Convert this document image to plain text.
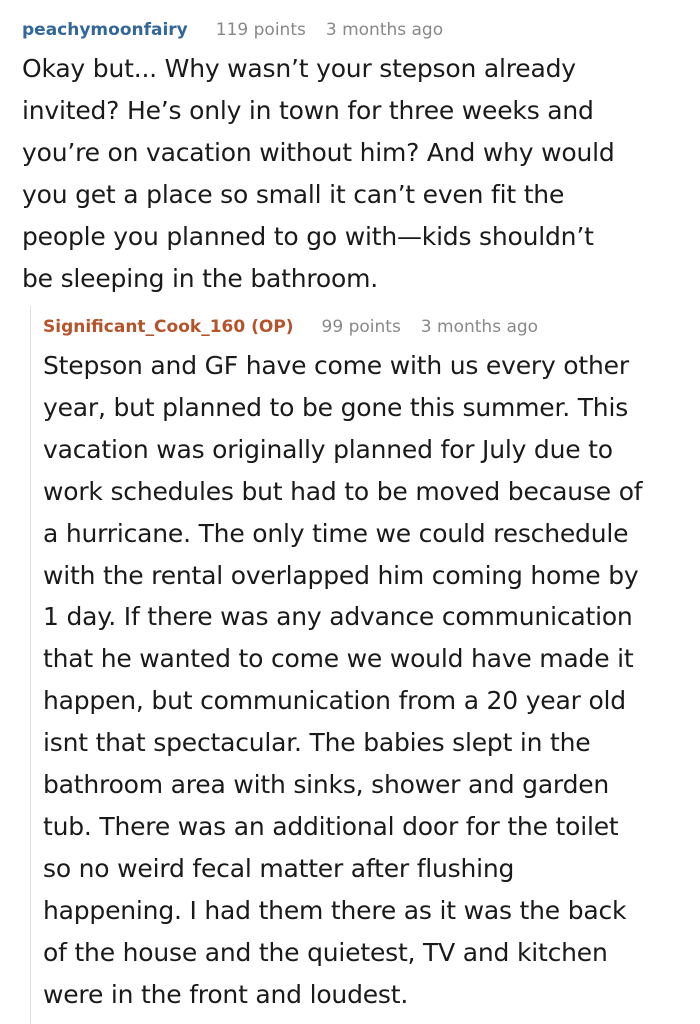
peachymoonfairy 119 points 3 months ago
Okay but... Why wasn’t your stepson already
invited? He’s only in town for three weeks and
you’re on vacation without him? And why would
you get a place so small it can’t even fit the
people you planned to go with—kids shouldn’t
be sleeping in the bathroom.
Significant_Cook_160 (OP) 99 points 3 months ago
Stepson and GF have come with us every other
year, but planned to be gone this summer. This
vacation was originally planned for July due to
work schedules but had to be moved because of
a hurricane. The only time we could reschedule
with the rental overlapped him coming home by
1 day. If there was any advance communication
that he wanted to come we would have made it
happen, but communication from a 20 year old
isnt that spectacular. The babies slept in the
bathroom area with sinks, shower and garden
tub. There was an additional door for the toilet
so no weird fecal matter after flushing
happening. I had them there as it was the back
of the house and the quietest, TV and kitchen
were in the front and loudest.
